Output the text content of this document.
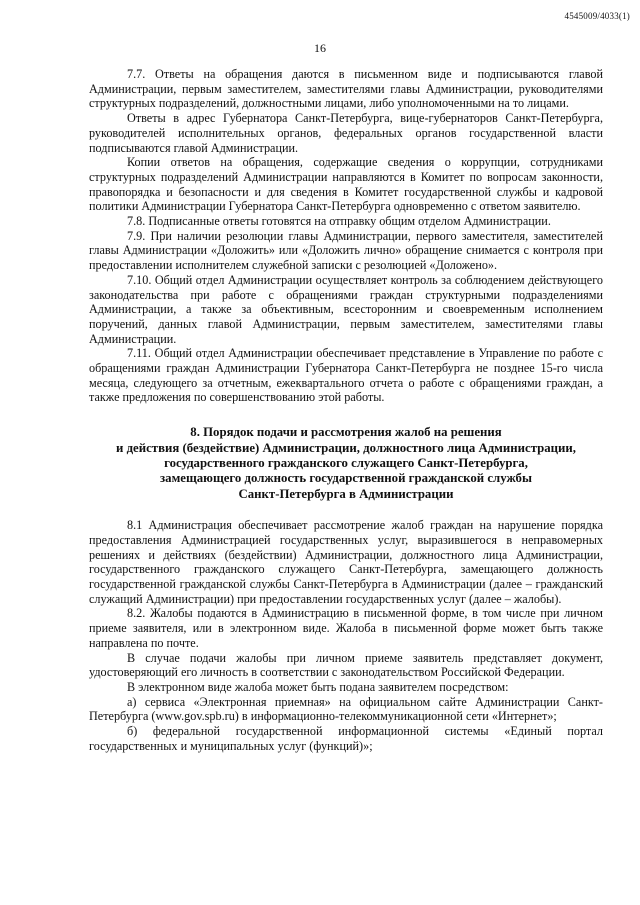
4545009/4033(1)
16

7.7. Ответы на обращения даются в письменном виде и подписываются главой Администрации, первым заместителем, заместителями главы Администрации, руководителями структурных подразделений, должностными лицами, либо уполномоченными на то лицами.

Ответы в адрес Губернатора Санкт-Петербурга, вице-губернаторов Санкт-Петербурга, руководителей исполнительных органов, федеральных органов государственной власти подписываются главой Администрации.

Копии ответов на обращения, содержащие сведения о коррупции, сотрудниками структурных подразделений Администрации направляются в Комитет по вопросам законности, правопорядка и безопасности и для сведения в Комитет государственной службы и кадровой политики Администрации Губернатора Санкт-Петербурга одновременно с ответом заявителю.

7.8. Подписанные ответы готовятся на отправку общим отделом Администрации.

7.9. При наличии резолюции главы Администрации, первого заместителя, заместителей главы Администрации «Доложить» или «Доложить лично» обращение снимается с контроля при предоставлении исполнителем служебной записки с резолюцией «Доложено».

7.10. Общий отдел Администрации осуществляет контроль за соблюдением действующего законодательства при работе с обращениями граждан структурными подразделениями Администрации, а также за объективным, всесторонним и своевременным исполнением поручений, данных главой Администрации, первым заместителем, заместителями главы Администрации.

7.11. Общий отдел Администрации обеспечивает представление в Управление по работе с обращениями граждан Администрации Губернатора Санкт-Петербурга не позднее 15-го числа месяца, следующего за отчетным, ежеквартального отчета о работе с обращениями граждан, а также предложения по совершенствованию этой работы.

8. Порядок подачи и рассмотрения жалоб на решения
и действия (бездействие) Администрации, должностного лица Администрации,
государственного гражданского служащего Санкт-Петербурга,
замещающего должность государственной гражданской службы
Санкт-Петербурга в Администрации

8.1 Администрация обеспечивает рассмотрение жалоб граждан на нарушение порядка предоставления Администрацией государственных услуг, выразившегося в неправомерных решениях и действиях (бездействии) Администрации, должностного лица Администрации, государственного гражданского служащего Санкт-Петербурга, замещающего должность государственной гражданской службы Санкт-Петербурга в Администрации (далее – гражданский служащий Администрации) при предоставлении государственных услуг (далее – жалобы).

8.2. Жалобы подаются в Администрацию в письменной форме, в том числе при личном приеме заявителя, или в электронном виде. Жалоба в письменной форме может быть также направлена по почте.

В случае подачи жалобы при личном приеме заявитель представляет документ, удостоверяющий его личность в соответствии с законодательством Российской Федерации.

В электронном виде жалоба может быть подана заявителем посредством:

а) сервиса «Электронная приемная» на официальном сайте Администрации Санкт-Петербурга (www.gov.spb.ru) в информационно-телекоммуникационной сети «Интернет»;

б) федеральной государственной информационной системы «Единый портал государственных и муниципальных услуг (функций)»;
